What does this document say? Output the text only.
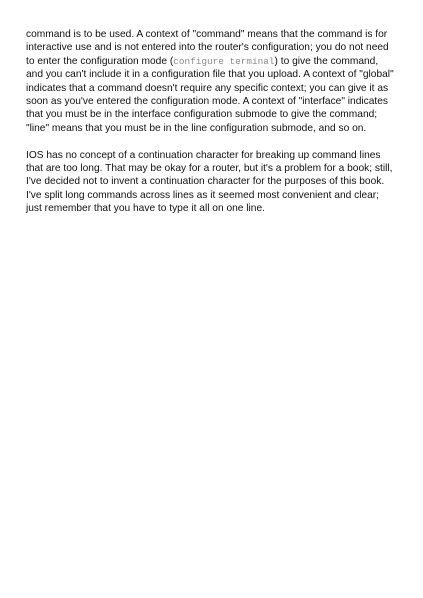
command is to be used. A context of "command" means that the command is for interactive use and is not entered into the router's configuration; you do not need to enter the configuration mode (configure terminal) to give the command, and you can't include it in a configuration file that you upload. A context of "global" indicates that a command doesn't require any specific context; you can give it as soon as you've entered the configuration mode. A context of "interface" indicates that you must be in the interface configuration submode to give the command; "line" means that you must be in the line configuration submode, and so on.

IOS has no concept of a continuation character for breaking up command lines that are too long. That may be okay for a router, but it's a problem for a book; still, I've decided not to invent a continuation character for the purposes of this book. I've split long commands across lines as it seemed most convenient and clear; just remember that you have to type it all on one line.
